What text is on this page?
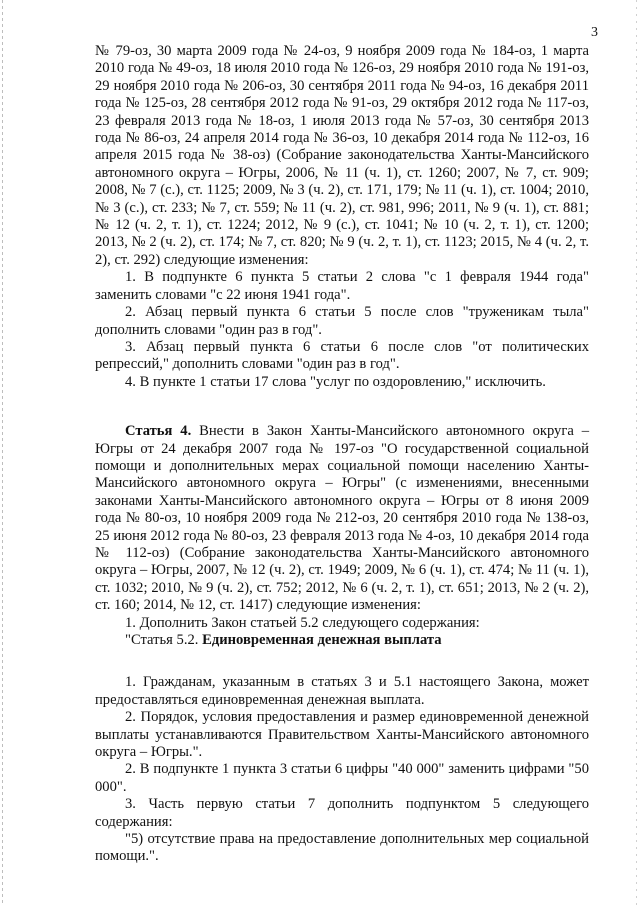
3

№ 79-оз, 30 марта 2009 года № 24-оз, 9 ноября 2009 года № 184-оз, 1 марта 2010 года № 49-оз, 18 июля 2010 года № 126-оз, 29 ноября 2010 года № 191-оз, 29 ноября 2010 года № 206-оз, 30 сентября 2011 года № 94-оз, 16 декабря 2011 года № 125-оз, 28 сентября 2012 года № 91-оз, 29 октября 2012 года № 117-оз, 23 февраля 2013 года № 18-оз, 1 июля 2013 года № 57-оз, 30 сентября 2013 года № 86-оз, 24 апреля 2014 года № 36-оз, 10 декабря 2014 года № 112-оз, 16 апреля 2015 года № 38-оз) (Собрание законодательства Ханты-Мансийского автономного округа – Югры, 2006, № 11 (ч. 1), ст. 1260; 2007, № 7, ст. 909; 2008, № 7 (с.), ст. 1125; 2009, № 3 (ч. 2), ст. 171, 179; № 11 (ч. 1), ст. 1004; 2010, № 3 (с.), ст. 233; № 7, ст. 559; № 11 (ч. 2), ст. 981, 996; 2011, № 9 (ч. 1), ст. 881; № 12 (ч. 2, т. 1), ст. 1224; 2012, № 9 (с.), ст. 1041; № 10 (ч. 2, т. 1), ст. 1200; 2013, № 2 (ч. 2), ст. 174; № 7, ст. 820; № 9 (ч. 2, т. 1), ст. 1123; 2015, № 4 (ч. 2, т. 2), ст. 292) следующие изменения:

1. В подпункте 6 пункта 5 статьи 2 слова "с 1 февраля 1944 года" заменить словами "с 22 июня 1941 года".

2. Абзац первый пункта 6 статьи 5 после слов "труженикам тыла" дополнить словами "один раз в год".

3. Абзац первый пункта 6 статьи 6 после слов "от политических репрессий," дополнить словами "один раз в год".

4. В пункте 1 статьи 17 слова "услуг по оздоровлению," исключить.

Статья 4. Внести в Закон Ханты-Мансийского автономного округа – Югры от 24 декабря 2007 года № 197-оз "О государственной социальной помощи и дополнительных мерах социальной помощи населению Ханты-Мансийского автономного округа – Югры" (с изменениями, внесенными законами Ханты-Мансийского автономного округа – Югры от 8 июня 2009 года № 80-оз, 10 ноября 2009 года № 212-оз, 20 сентября 2010 года № 138-оз, 25 июня 2012 года № 80-оз, 23 февраля 2013 года № 4-оз, 10 декабря 2014 года № 112-оз) (Собрание законодательства Ханты-Мансийского автономного округа – Югры, 2007, № 12 (ч. 2), ст. 1949; 2009, № 6 (ч. 1), ст. 474; № 11 (ч. 1), ст. 1032; 2010, № 9 (ч. 2), ст. 752; 2012, № 6 (ч. 2, т. 1), ст. 651; 2013, № 2 (ч. 2), ст. 160; 2014, № 12, ст. 1417) следующие изменения:

1. Дополнить Закон статьей 5.2 следующего содержания:

"Статья 5.2. Единовременная денежная выплата

1. Гражданам, указанным в статьях 3 и 5.1 настоящего Закона, может предоставляться единовременная денежная выплата.

2. Порядок, условия предоставления и размер единовременной денежной выплаты устанавливаются Правительством Ханты-Мансийского автономного округа – Югры.".

2. В подпункте 1 пункта 3 статьи 6 цифры "40 000" заменить цифрами "50 000".

3. Часть первую статьи 7 дополнить подпунктом 5 следующего содержания:

"5) отсутствие права на предоставление дополнительных мер социальной помощи.".
